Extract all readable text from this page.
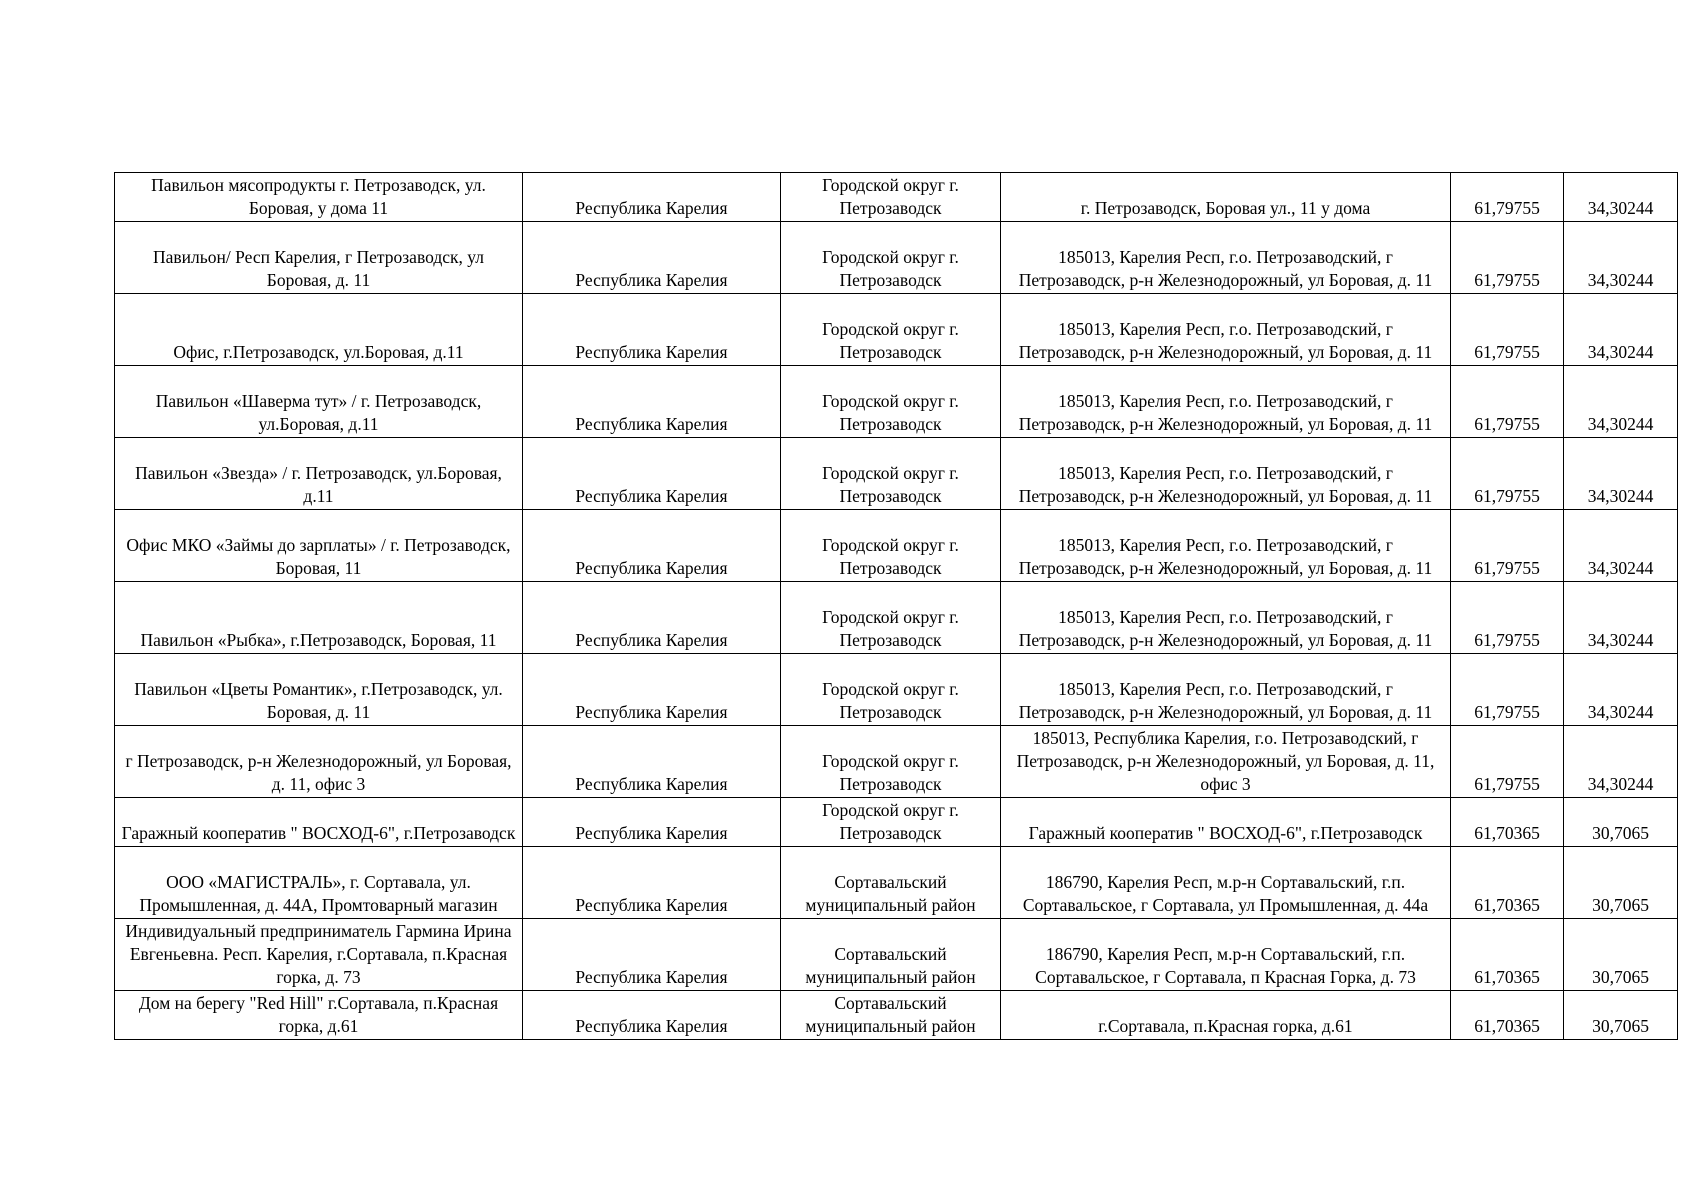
Павильон мясопродукты г. Петрозаводск, ул. Боровая, у дома 11	Республика Карелия	Городской округ г. Петрозаводск	г. Петрозаводск, Боровая ул., 11 у дома	61,79755	34,30244
Павильон/ Респ Карелия, г Петрозаводск, ул Боровая, д. 11	Республика Карелия	Городской округ г. Петрозаводск	185013, Карелия Респ, г.о. Петрозаводский, г Петрозаводск, р-н Железнодорожный, ул Боровая, д. 11	61,79755	34,30244
Офис, г.Петрозаводск, ул.Боровая, д.11	Республика Карелия	Городской округ г. Петрозаводск	185013, Карелия Респ, г.о. Петрозаводский, г Петрозаводск, р-н Железнодорожный, ул Боровая, д. 11	61,79755	34,30244
Павильон «Шаверма тут» / г. Петрозаводск, ул.Боровая, д.11	Республика Карелия	Городской округ г. Петрозаводск	185013, Карелия Респ, г.о. Петрозаводский, г Петрозаводск, р-н Железнодорожный, ул Боровая, д. 11	61,79755	34,30244
Павильон «Звезда» / г. Петрозаводск, ул.Боровая, д.11	Республика Карелия	Городской округ г. Петрозаводск	185013, Карелия Респ, г.о. Петрозаводский, г Петрозаводск, р-н Железнодорожный, ул Боровая, д. 11	61,79755	34,30244
Офис МКО «Займы до зарплаты» / г. Петрозаводск, Боровая, 11	Республика Карелия	Городской округ г. Петрозаводск	185013, Карелия Респ, г.о. Петрозаводский, г Петрозаводск, р-н Железнодорожный, ул Боровая, д. 11	61,79755	34,30244
Павильон «Рыбка», г.Петрозаводск, Боровая, 11	Республика Карелия	Городской округ г. Петрозаводск	185013, Карелия Респ, г.о. Петрозаводский, г Петрозаводск, р-н Железнодорожный, ул Боровая, д. 11	61,79755	34,30244
Павильон «Цветы Романтик», г.Петрозаводск, ул. Боровая, д. 11	Республика Карелия	Городской округ г. Петрозаводск	185013, Карелия Респ, г.о. Петрозаводский, г Петрозаводск, р-н Железнодорожный, ул Боровая, д. 11	61,79755	34,30244
г Петрозаводск, р-н Железнодорожный, ул Боровая, д. 11, офис 3	Республика Карелия	Городской округ г. Петрозаводск	185013, Республика Карелия, г.о. Петрозаводский, г Петрозаводск, р-н Железнодорожный, ул Боровая, д. 11, офис 3	61,79755	34,30244
Гаражный кооператив " ВОСХОД-6", г.Петрозаводск	Республика Карелия	Городской округ г. Петрозаводск	Гаражный кооператив " ВОСХОД-6", г.Петрозаводск	61,70365	30,7065
ООО «МАГИСТРАЛЬ», г. Сортавала, ул. Промышленная, д. 44А, Промтоварный магазин	Республика Карелия	Сортавальский муниципальный район	186790, Карелия Респ, м.р-н Сортавальский, г.п. Сортавальское, г Сортавала, ул Промышленная, д. 44а	61,70365	30,7065
Индивидуальный предприниматель Гармина Ирина Евгеньевна. Респ. Карелия, г.Сортавала, п.Красная горка, д. 73	Республика Карелия	Сортавальский муниципальный район	186790, Карелия Респ, м.р-н Сортавальский, г.п. Сортавальское, г Сортавала, п Красная Горка, д. 73	61,70365	30,7065
Дом на берегу "Red Hill" г.Сортавала, п.Красная горка, д.61	Республика Карелия	Сортавальский муниципальный район	г.Сортавала, п.Красная горка, д.61	61,70365	30,7065
